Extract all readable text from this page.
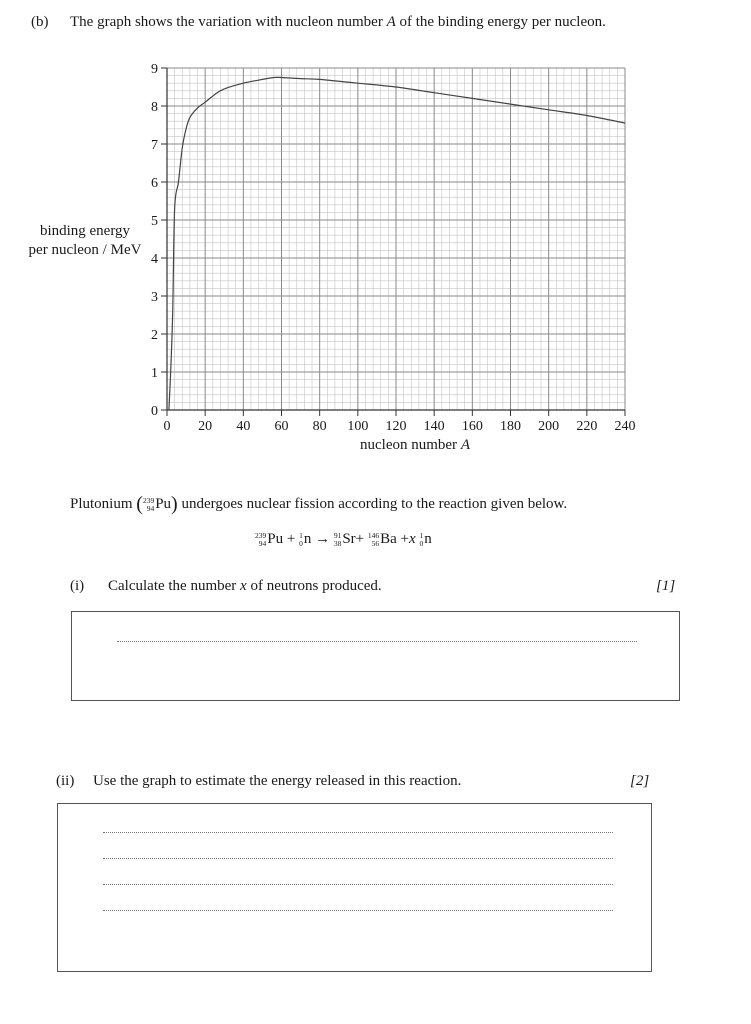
(b) The graph shows the variation with nucleon number A of the binding energy per nucleon.
binding energy
per nucleon / MeV
nucleon number A
0
1
2
3
4
5
6
7
8
9
0 20 40 60 80 100 120 140 160 180 200 220 240
Plutonium ( 239
94 Pu) undergoes nuclear fission according to the reaction given below.
239
94 Pu + 1
0 n → 91
38 Sr+ 146
56 Ba +x 1
0 n
(i) Calculate the number x of neutrons produced.	[1]
(ii) Use the graph to estimate the energy released in this reaction.	[2]
